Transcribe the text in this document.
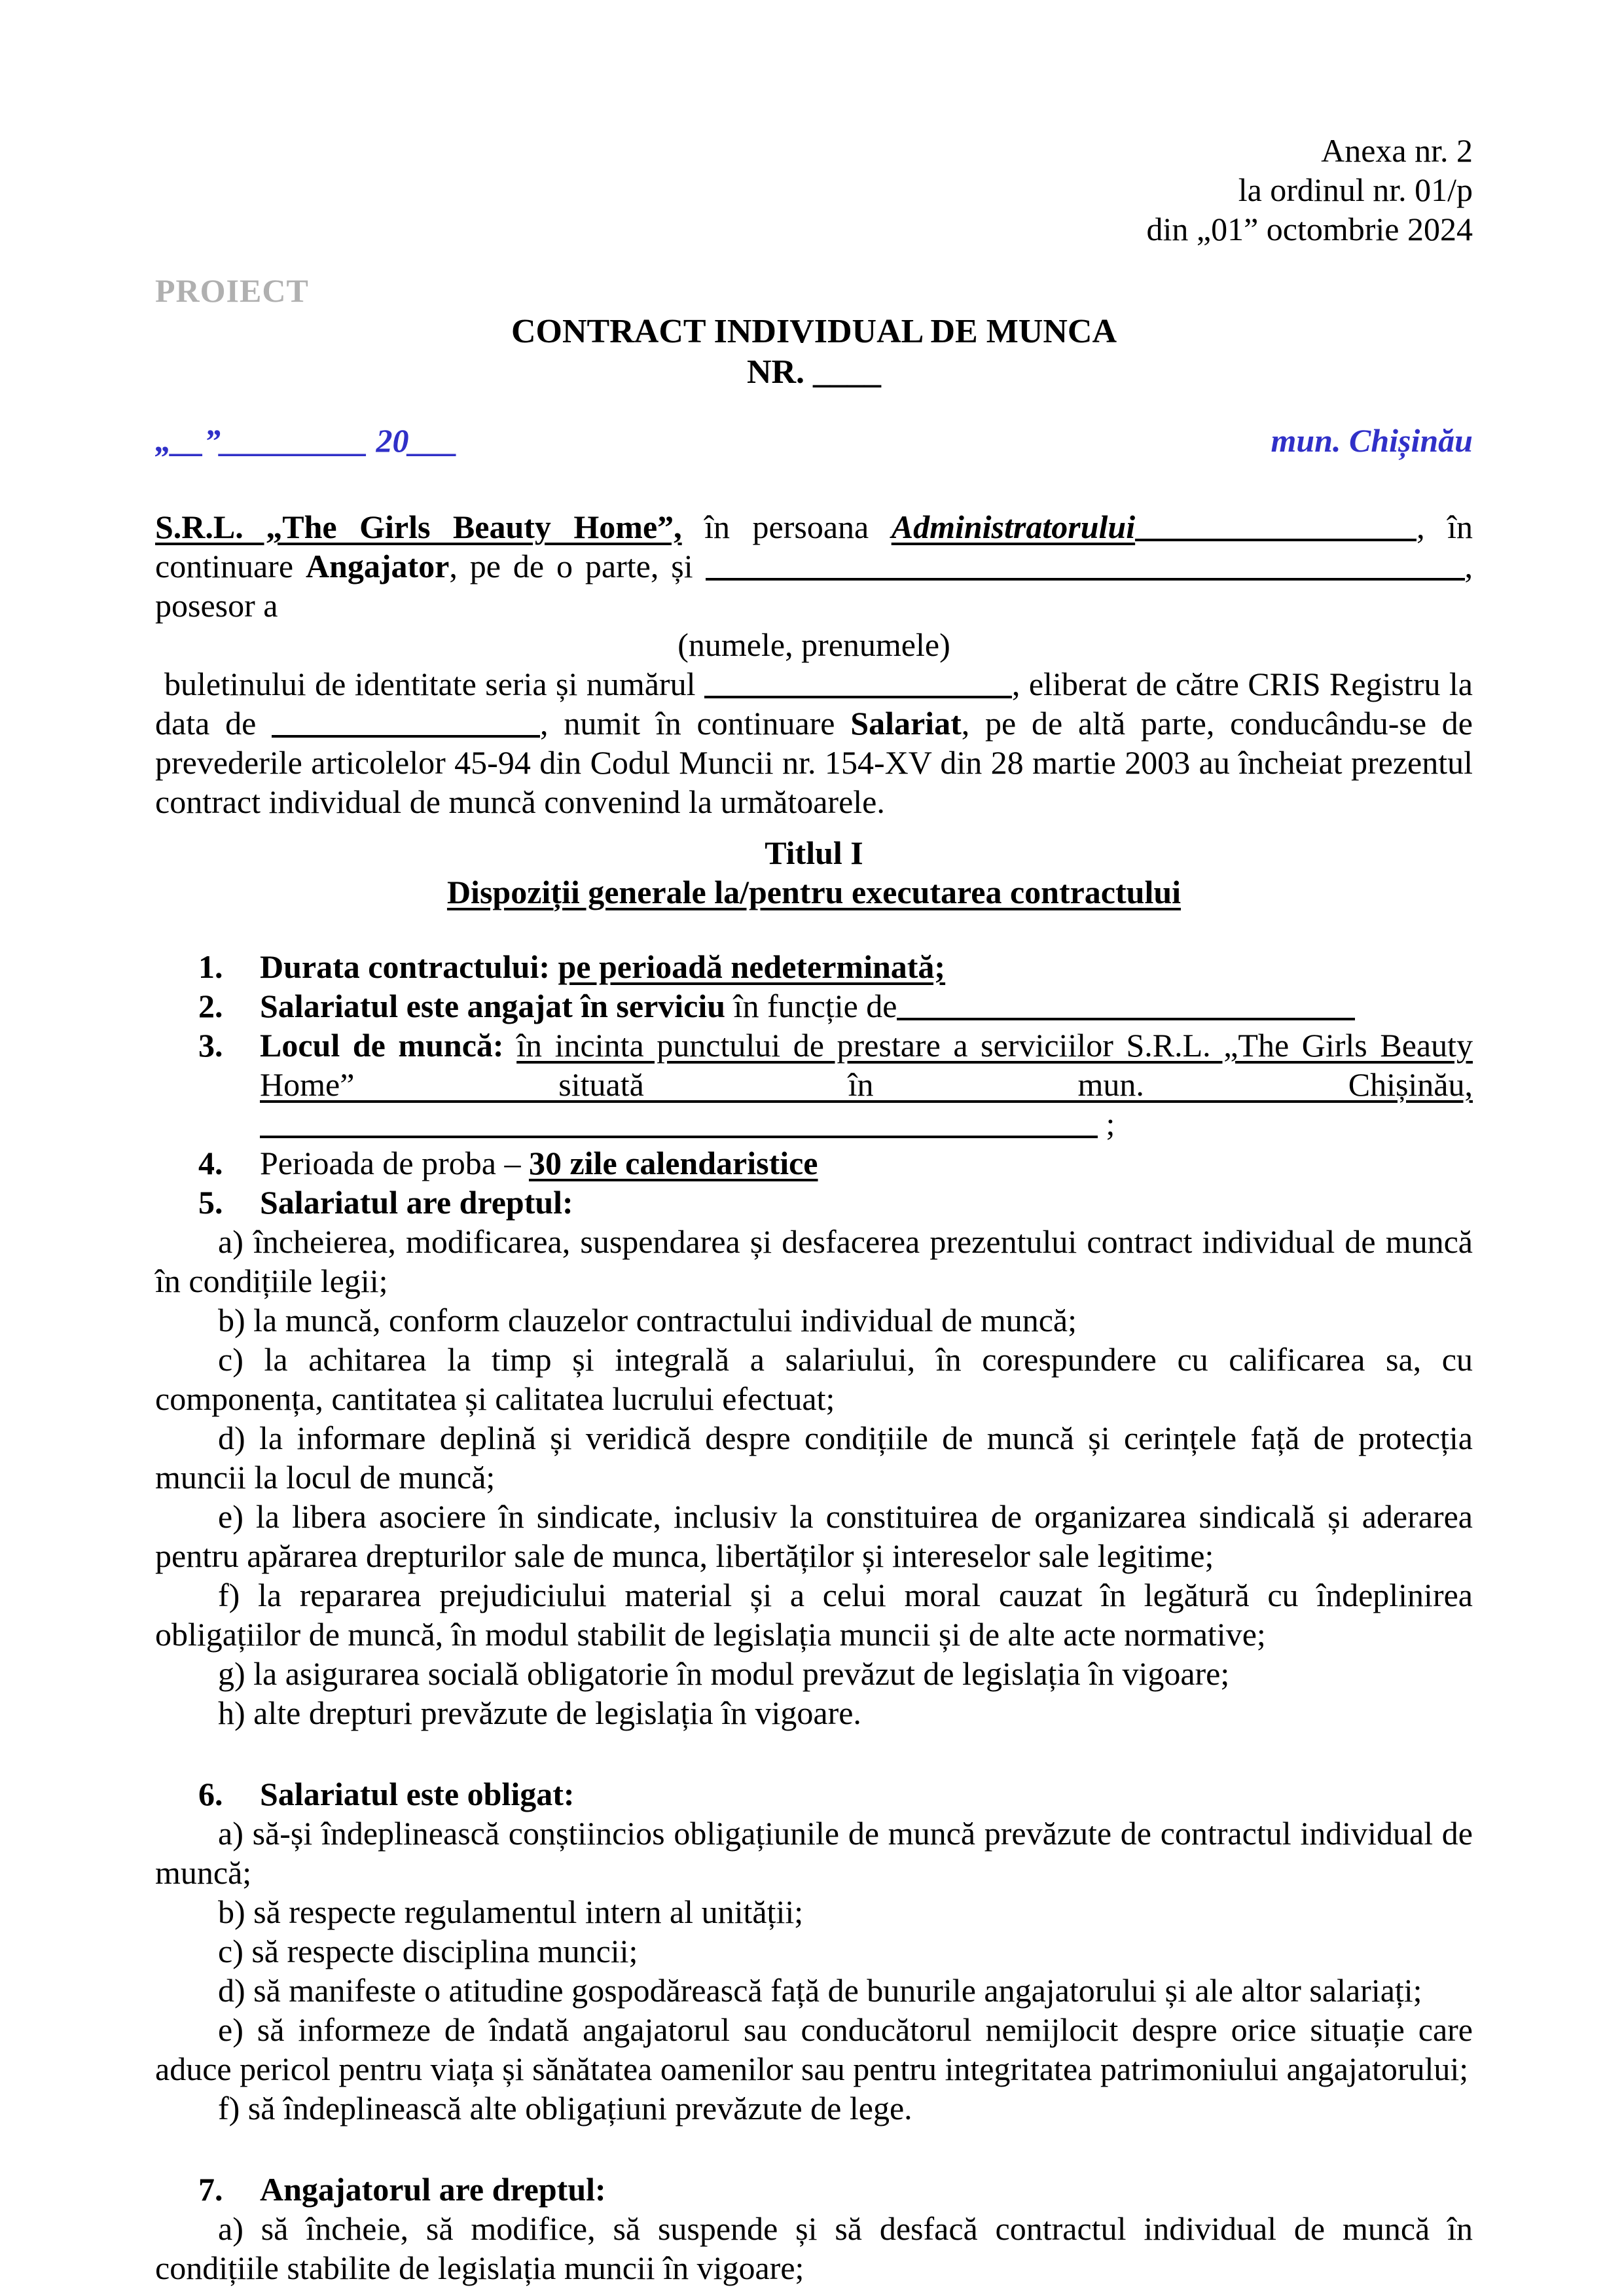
Anexa nr. 2
la ordinul nr. 01/p
din „01” octombrie 2024
PROIECT
CONTRACT INDIVIDUAL DE MUNCA
NR. ____
„__”_________ 20___	mun. Chișinău
S.R.L. „The Girls Beauty Home”, în persoana Administratorului	, în continuare Angajator, pe de o parte, și	, posesor a
(numele, prenumele)
buletinului de identitate seria și numărul	, eliberat de către CRIS Registru la data de	, numit în continuare Salariat, pe de altă parte, conducându-se de prevederile articolelor 45-94 din Codul Muncii nr. 154-XV din 28 martie 2003 au încheiat prezentul contract individual de muncă convenind la următoarele.
Titlul I
Dispoziții generale la/pentru executarea contractului
1. Durata contractului: pe perioadă nedeterminată;
2. Salariatul este angajat în serviciu în funcție de
3. Locul de muncă: în incinta punctului de prestare a serviciilor S.R.L. „The Girls Beauty Home” situată în mun. Chișinău, ;
4. Perioada de proba – 30 zile calendaristice
5. Salariatul are dreptul:
a) încheierea, modificarea, suspendarea și desfacerea prezentului contract individual de muncă în condițiile legii;
b) la muncă, conform clauzelor contractului individual de muncă;
c) la achitarea la timp și integrală a salariului, în corespundere cu calificarea sa, cu componența, cantitatea și calitatea lucrului efectuat;
d) la informare deplină și veridică despre condițiile de muncă și cerințele față de protecția muncii la locul de muncă;
e) la libera asociere în sindicate, inclusiv la constituirea de organizarea sindicală și aderarea pentru apărarea drepturilor sale de munca, libertăților și intereselor sale legitime;
f) la repararea prejudiciului material și a celui moral cauzat în legătură cu îndeplinirea obligațiilor de muncă, în modul stabilit de legislația muncii și de alte acte normative;
g) la asigurarea socială obligatorie în modul prevăzut de legislația în vigoare;
h) alte drepturi prevăzute de legislația în vigoare.
6. Salariatul este obligat:
a) să-și îndeplinească conștiincios obligațiunile de muncă prevăzute de contractul individual de muncă;
b) să respecte regulamentul intern al unității;
c) să respecte disciplina muncii;
d) să manifeste o atitudine gospodărească față de bunurile angajatorului și ale altor salariați;
e) să informeze de îndată angajatorul sau conducătorul nemijlocit despre orice situație care aduce pericol pentru viața și sănătatea oamenilor sau pentru integritatea patrimoniului angajatorului;
f) să îndeplinească alte obligațiuni prevăzute de lege.
7. Angajatorul are dreptul:
a) să încheie, să modifice, să suspende și să desfacă contractul individual de muncă în condițiile stabilite de legislația muncii în vigoare;
